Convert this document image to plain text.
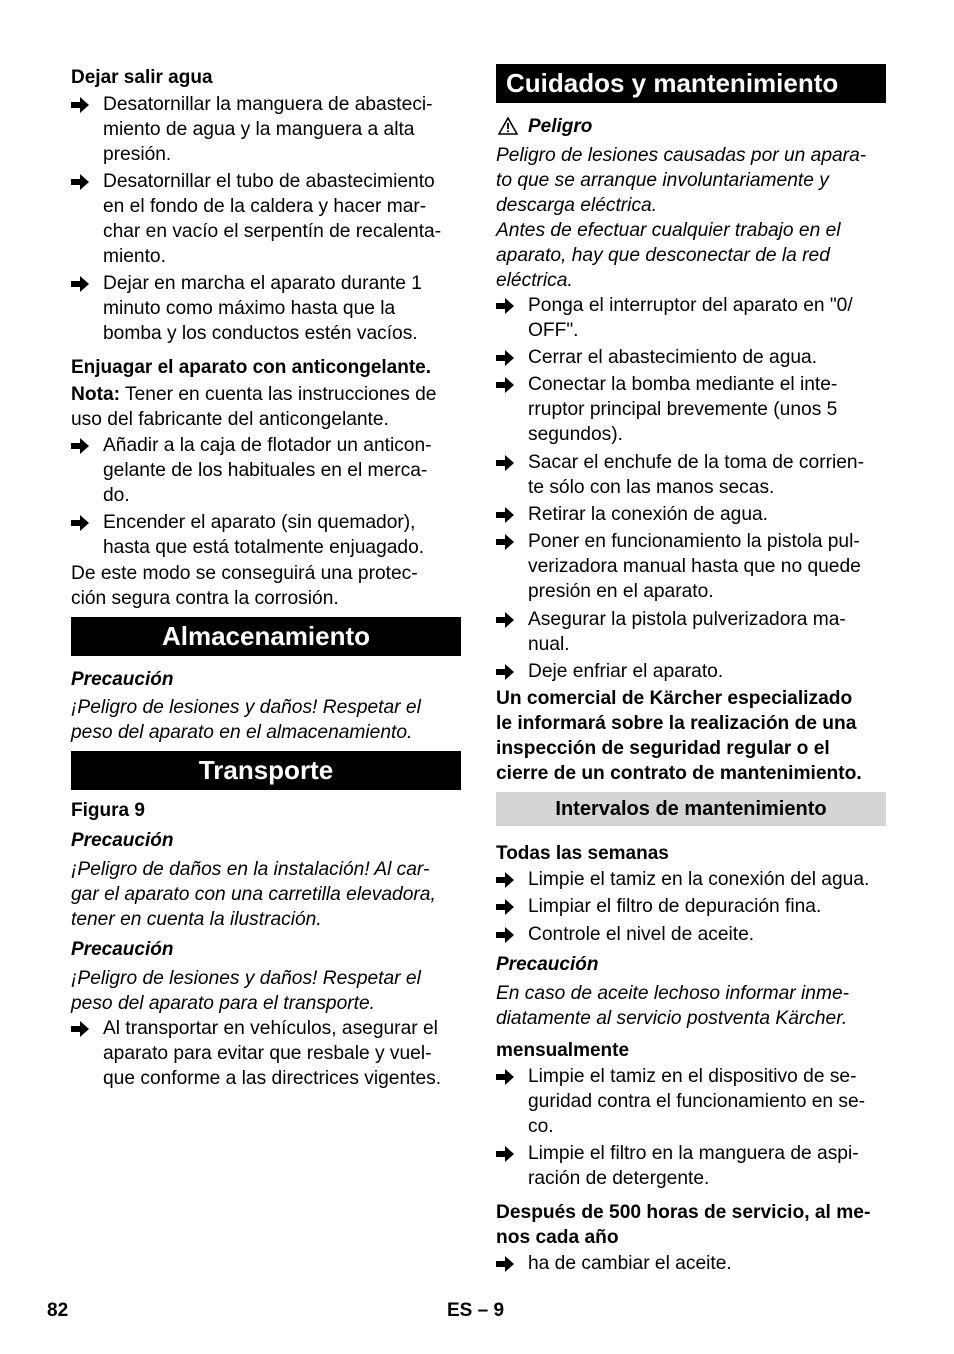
Dejar salir agua
Desatornillar la manguera de abasteci-
miento de agua y la manguera a alta
presión.
Desatornillar el tubo de abastecimiento
en el fondo de la caldera y hacer mar-
char en vacío el serpentín de recalenta-
miento.
Dejar en marcha el aparato durante 1
minuto como máximo hasta que la
bomba y los conductos estén vacíos.
Enjuagar el aparato con anticongelante.
Nota: Tener en cuenta las instrucciones de
uso del fabricante del anticongelante.
Añadir a la caja de flotador un anticon-
gelante de los habituales en el merca-
do.
Encender el aparato (sin quemador),
hasta que está totalmente enjuagado.
De este modo se conseguirá una protec-
ción segura contra la corrosión.
Almacenamiento
Precaución
¡Peligro de lesiones y daños! Respetar el
peso del aparato en el almacenamiento.
Transporte
Figura 9
Precaución
¡Peligro de daños en la instalación! Al car-
gar el aparato con una carretilla elevadora,
tener en cuenta la ilustración.
Precaución
¡Peligro de lesiones y daños! Respetar el
peso del aparato para el transporte.
Al transportar en vehículos, asegurar el
aparato para evitar que resbale y vuel-
que conforme a las directrices vigentes.
Cuidados y mantenimiento
Peligro
Peligro de lesiones causadas por un apara-
to que se arranque involuntariamente y
descarga eléctrica.
Antes de efectuar cualquier trabajo en el
aparato, hay que desconectar de la red
eléctrica.
Ponga el interruptor del aparato en "0/
OFF".
Cerrar el abastecimiento de agua.
Conectar la bomba mediante el inte-
rruptor principal brevemente (unos 5
segundos).
Sacar el enchufe de la toma de corrien-
te sólo con las manos secas.
Retirar la conexión de agua.
Poner en funcionamiento la pistola pul-
verizadora manual hasta que no quede
presión en el aparato.
Asegurar la pistola pulverizadora ma-
nual.
Deje enfriar el aparato.
Un comercial de Kärcher especializado
le informará sobre la realización de una
inspección de seguridad regular o el
cierre de un contrato de mantenimiento.
Intervalos de mantenimiento
Todas las semanas
Limpie el tamiz en la conexión del agua.
Limpiar el filtro de depuración fina.
Controle el nivel de aceite.
Precaución
En caso de aceite lechoso informar inme-
diatamente al servicio postventa Kärcher.
mensualmente
Limpie el tamiz en el dispositivo de se-
guridad contra el funcionamiento en se-
co.
Limpie el filtro en la manguera de aspi-
ración de detergente.
Después de 500 horas de servicio, al me-
nos cada año
ha de cambiar el aceite.
82	ES – 9
